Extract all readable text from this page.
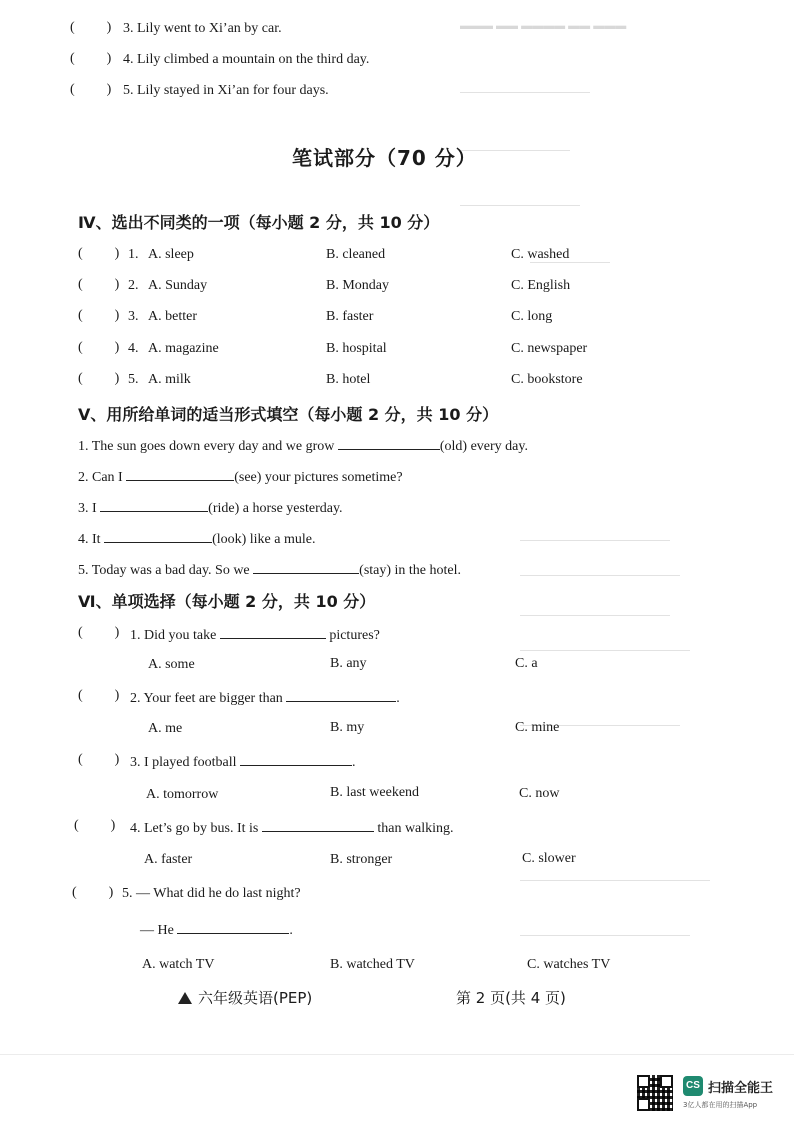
▬▬▬ ▬▬ ▬▬▬▬ ▬▬ ▬▬▬
( ) 3. Lily went to Xi’an by car.
( ) 4. Lily climbed a mountain on the third day.
( ) 5. Lily stayed in Xi’an for four days.
笔试部分（70 分）
Ⅳ、选出不同类的一项（每小题 2 分，共 10 分）
( ) 1. A. sleep	B. cleaned	C. washed
( ) 2. A. Sunday	B. Monday	C. English
( ) 3. A. better	B. faster	C. long
( ) 4. A. magazine	B. hospital	C. newspaper
( ) 5. A. milk	B. hotel	C. bookstore
Ⅴ、用所给单词的适当形式填空（每小题 2 分，共 10 分）
1. The sun goes down every day and we grow	(old) every day.
2. Can I	(see) your pictures sometime?
3. I	(ride) a horse yesterday.
4. It	(look) like a mule.
5. Today was a bad day. So we	(stay) in the hotel.
Ⅵ、单项选择（每小题 2 分，共 10 分）
( ) 1. Did you take	pictures?
A. some	B. any	C. a
( ) 2. Your feet are bigger than	.
A. me	B. my	C. mine
( ) 3. I played football	.
A. tomorrow	B. last weekend	C. now
( ) 4. Let’s go by bus. It is	than walking.
A. faster	B. stronger	C. slower
( ) 5. — What did he do last night?
— He	.
A. watch TV	B. watched TV	C. watches TV
六年级英语(PEP)	第 2 页(共 4 页)
CS 扫描全能王
3亿人都在用的扫描App
